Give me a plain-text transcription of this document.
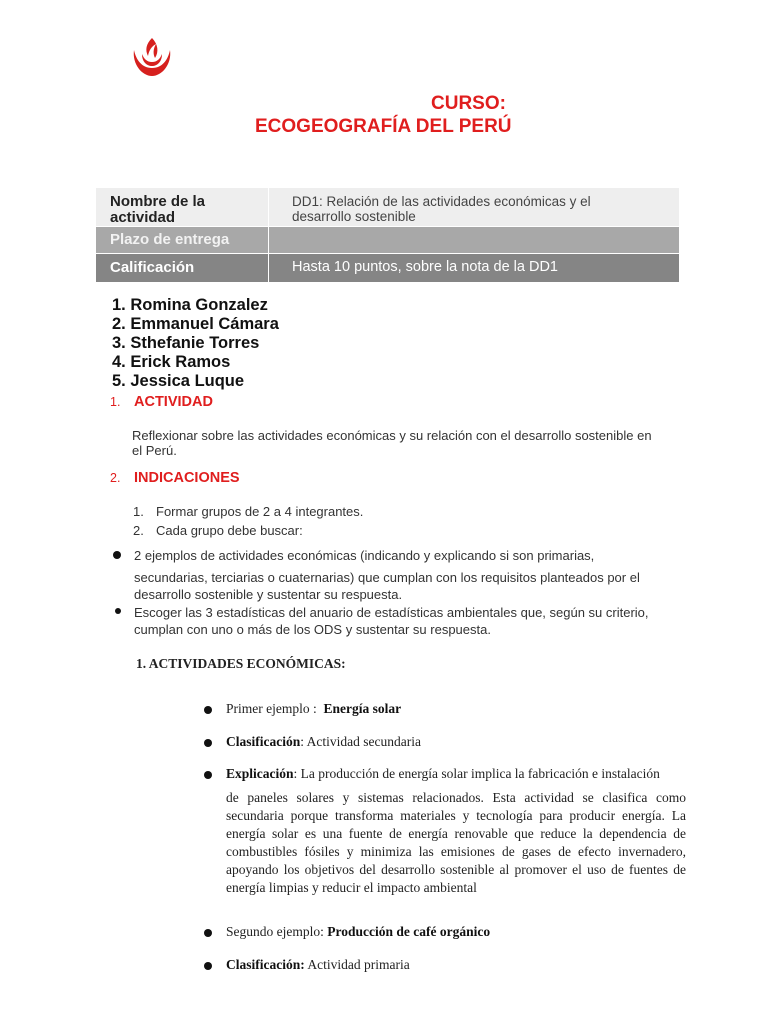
CURSO:
ECOGEOGRAFÍA DEL PERÚ
Nombre de la
actividad
DD1: Relación de las actividades económicas y el
desarrollo sostenible
Plazo de entrega
Calificación	Hasta 10 puntos, sobre la nota de la DD1
1. Romina Gonzalez
2. Emmanuel Cámara
3. Sthefanie Torres
4. Erick Ramos
5. Jessica Luque
1. ACTIVIDAD
Reflexionar sobre las actividades económicas y su relación con el desarrollo sostenible en
el Perú.
2. INDICACIONES
1. Formar grupos de 2 a 4 integrantes.
2. Cada grupo debe buscar:
2 ejemplos de actividades económicas (indicando y explicando si son primarias,
secundarias, terciarias o cuaternarias) que cumplan con los requisitos planteados por el
desarrollo sostenible y sustentar su respuesta.
Escoger las 3 estadísticas del anuario de estadísticas ambientales que, según su criterio,
cumplan con uno o más de los ODS y sustentar su respuesta.
1. ACTIVIDADES ECONÓMICAS:
Primer ejemplo : Energía solar
Clasificación: Actividad secundaria
Explicación: La producción de energía solar implica la fabricación e instalación
de paneles solares y sistemas relacionados. Esta actividad se clasifica como
secundaria porque transforma materiales y tecnología para producir energía. La
energía solar es una fuente de energía renovable que reduce la dependencia de
combustibles fósiles y minimiza las emisiones de gases de efecto invernadero,
apoyando los objetivos del desarrollo sostenible al promover el uso de fuentes de
energía limpias y reducir el impacto ambiental
Segundo ejemplo: Producción de café orgánico
Clasificación: Actividad primaria
